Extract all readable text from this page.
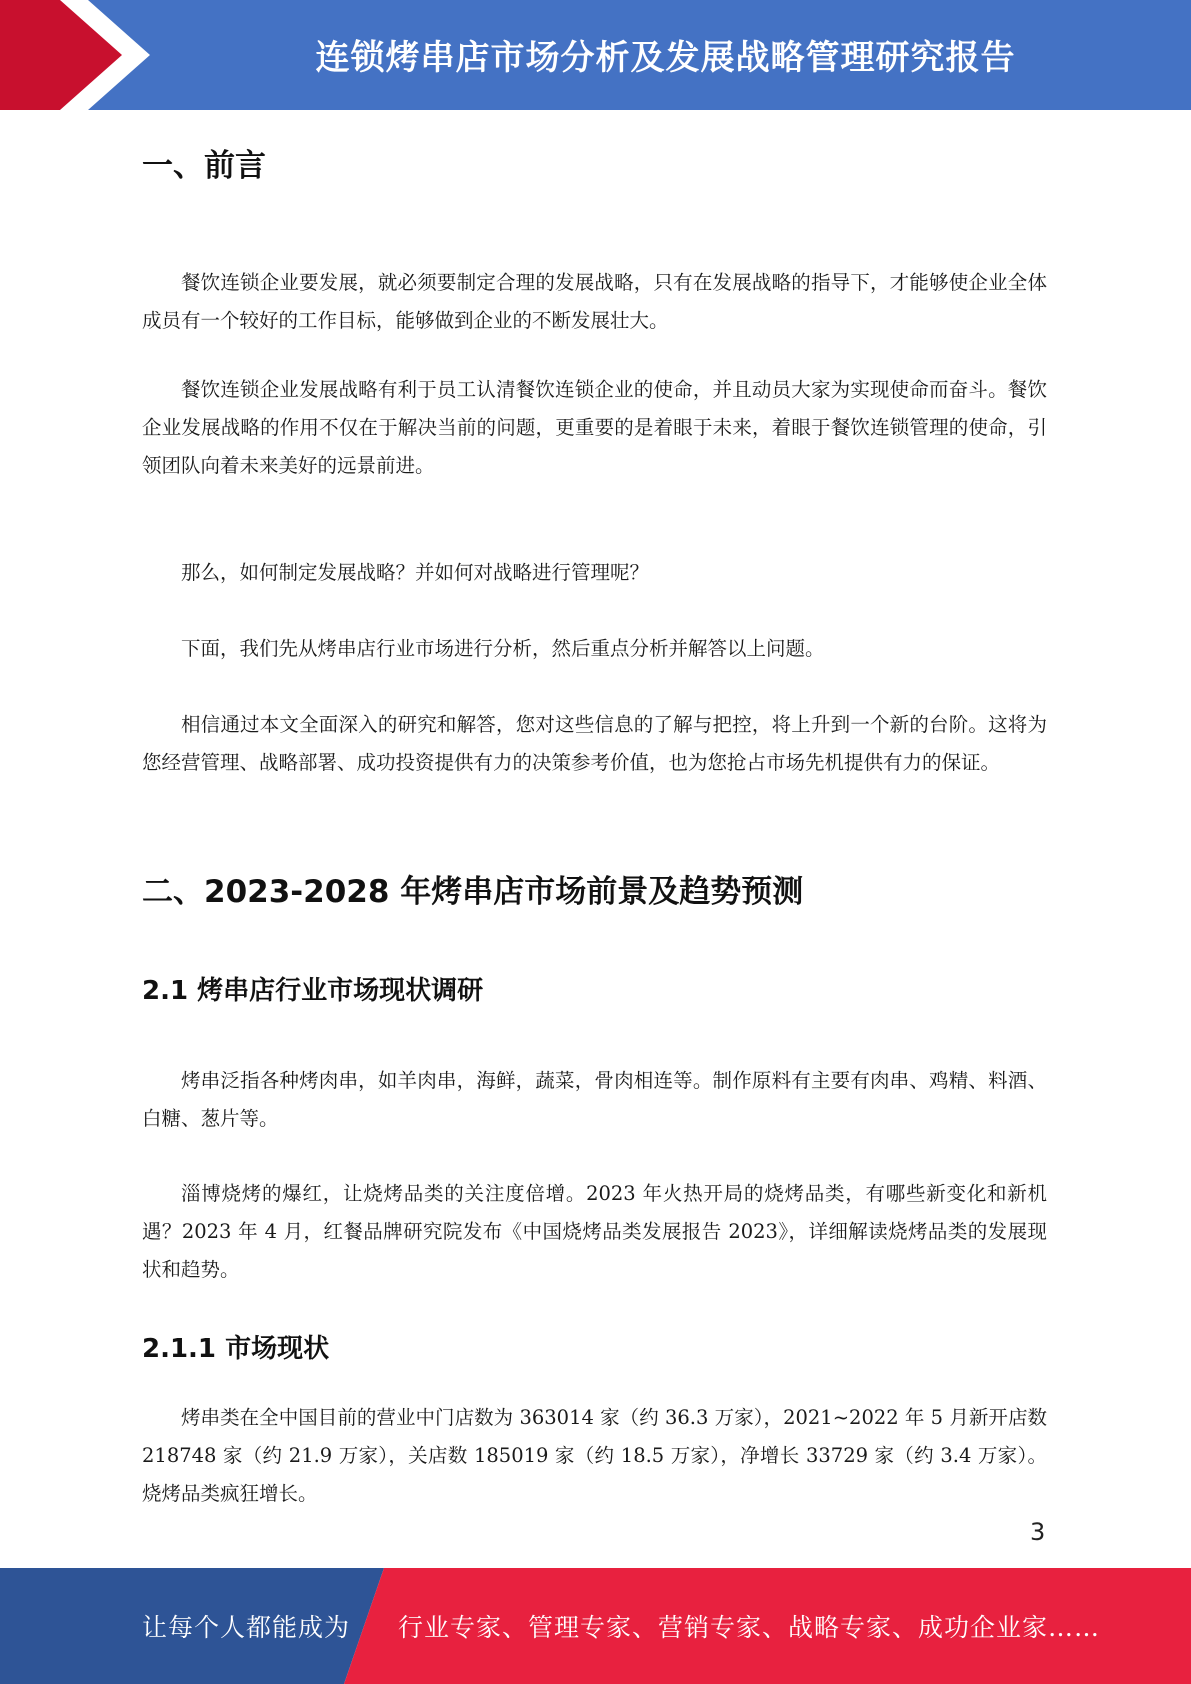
连锁烤串店市场分析及发展战略管理研究报告
一、前言

餐饮连锁企业要发展，就必须要制定合理的发展战略，只有在发展战略的指导下，才能够使企业全体成员有一个较好的工作目标，能够做到企业的不断发展壮大。

餐饮连锁企业发展战略有利于员工认清餐饮连锁企业的使命，并且动员大家为实现使命而奋斗。餐饮企业发展战略的作用不仅在于解决当前的问题，更重要的是着眼于未来，着眼于餐饮连锁管理的使命，引领团队向着未来美好的远景前进。

那么，如何制定发展战略？并如何对战略进行管理呢？

下面，我们先从烤串店行业市场进行分析，然后重点分析并解答以上问题。

相信通过本文全面深入的研究和解答，您对这些信息的了解与把控，将上升到一个新的台阶。这将为您经营管理、战略部署、成功投资提供有力的决策参考价值，也为您抢占市场先机提供有力的保证。

二、2023-2028 年烤串店市场前景及趋势预测
2.1 烤串店行业市场现状调研

烤串泛指各种烤肉串，如羊肉串，海鲜，蔬菜，骨肉相连等。制作原料有主要有肉串、鸡精、料酒、白糖、葱片等。

淄博烧烤的爆红，让烧烤品类的关注度倍增。2023 年火热开局的烧烤品类，有哪些新变化和新机遇？2023 年 4 月，红餐品牌研究院发布《中国烧烤品类发展报告 2023》，详细解读烧烤品类的发展现状和趋势。

2.1.1 市场现状

烤串类在全中国目前的营业中门店数为 363014 家（约 36.3 万家），2021~2022 年 5 月新开店数 218748 家（约 21.9 万家），关店数 185019 家（约 18.5 万家），净增长 33729 家（约 3.4 万家）。烧烤品类疯狂增长。

3
让每个人都能成为 行业专家、管理专家、营销专家、战略专家、成功企业家……
